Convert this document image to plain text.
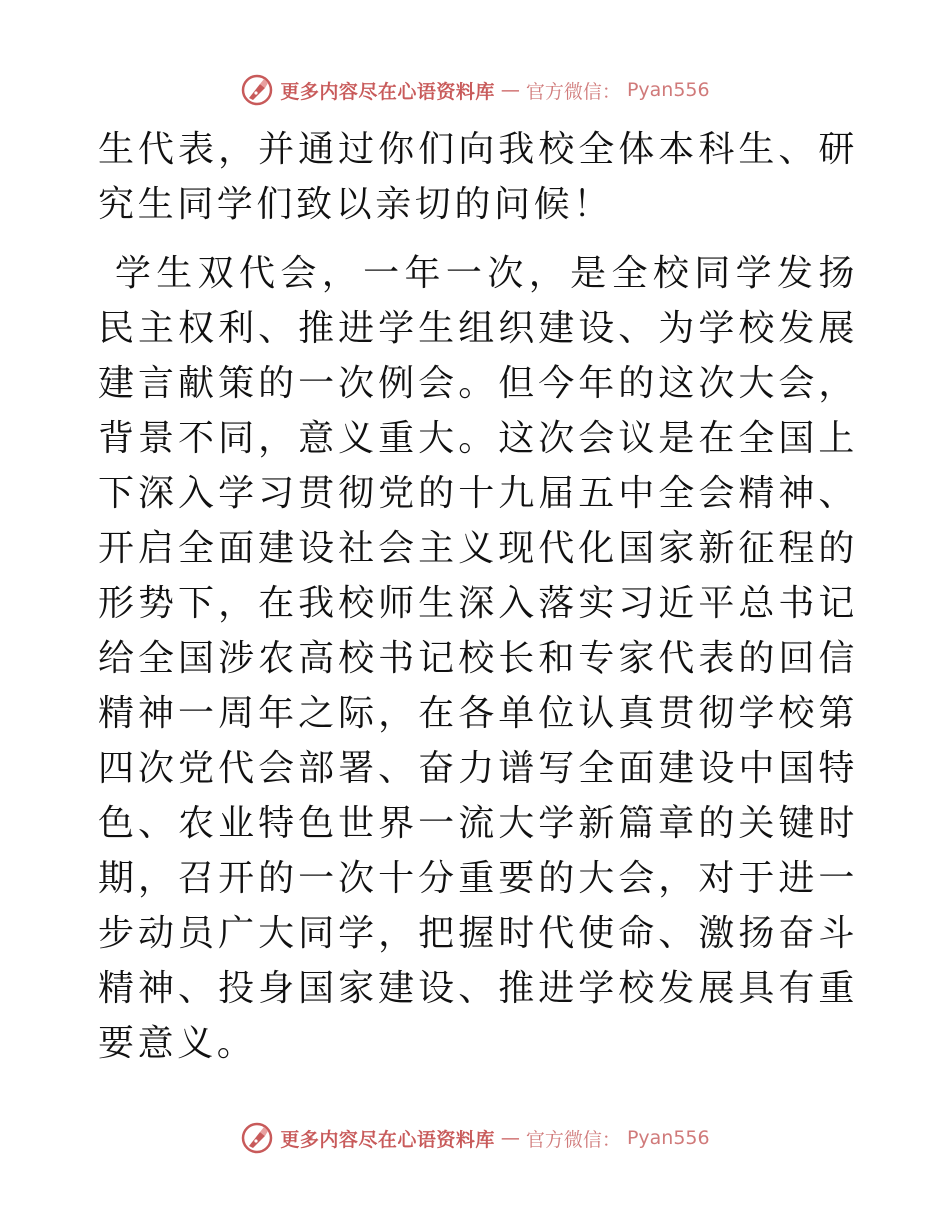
更多内容尽在心语资料库 — 官方微信： Pyan556

生代表，并通过你们向我校全体本科生、研究生同学们致以亲切的问候！

学生双代会，一年一次，是全校同学发扬民主权利、推进学生组织建设、为学校发展建言献策的一次例会。但今年的这次大会，背景不同，意义重大。这次会议是在全国上下深入学习贯彻党的十九届五中全会精神、开启全面建设社会主义现代化国家新征程的形势下，在我校师生深入落实习近平总书记给全国涉农高校书记校长和专家代表的回信精神一周年之际，在各单位认真贯彻学校第四次党代会部署、奋力谱写全面建设中国特色、农业特色世界一流大学新篇章的关键时期，召开的一次十分重要的大会，对于进一步动员广大同学，把握时代使命、激扬奋斗精神、投身国家建设、推进学校发展具有重要意义。

更多内容尽在心语资料库 — 官方微信： Pyan556
